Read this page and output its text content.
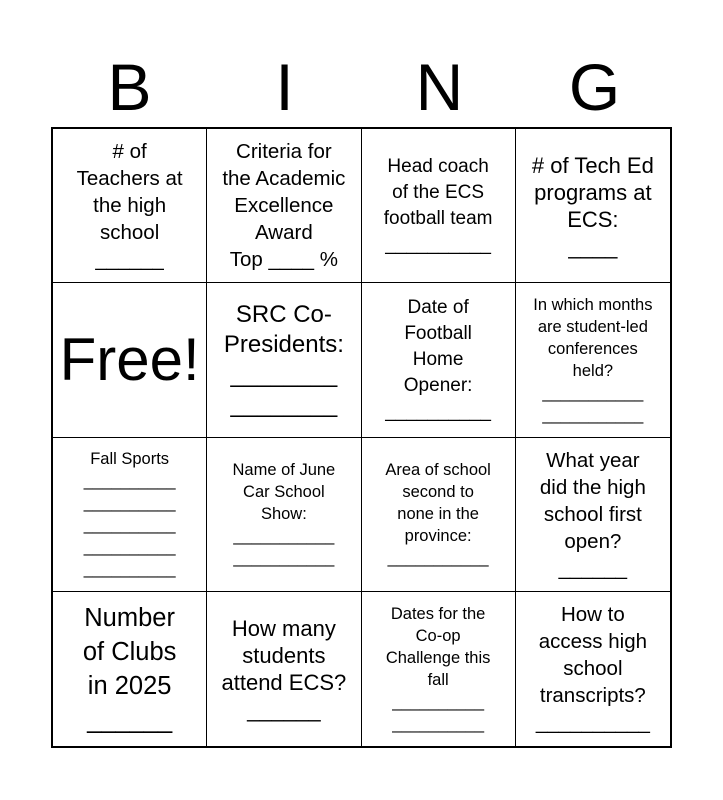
B	I	N	G
# of
Teachers at
the high
school
______
Criteria for
the Academic
Excellence
Award
Top ____ %
Head coach
of the ECS
football team
__________
# of Tech Ed
programs at
ECS:
____
Free!
SRC Co-
Presidents:
________
________
Date of
Football
Home
Opener:
__________
In which months
are student-led
conferences
held?
___________
___________
Fall Sports
__________
__________
__________
__________
__________
Name of June
Car School
Show:
___________
___________
Area of school
second to
none in the
province:
___________
What year
did the high
school first
open?
______
Number
of Clubs
in 2025
______
How many
students
attend ECS?
______
Dates for the
Co-op
Challenge this
fall
__________
__________
How to
access high
school
transcripts?
__________
